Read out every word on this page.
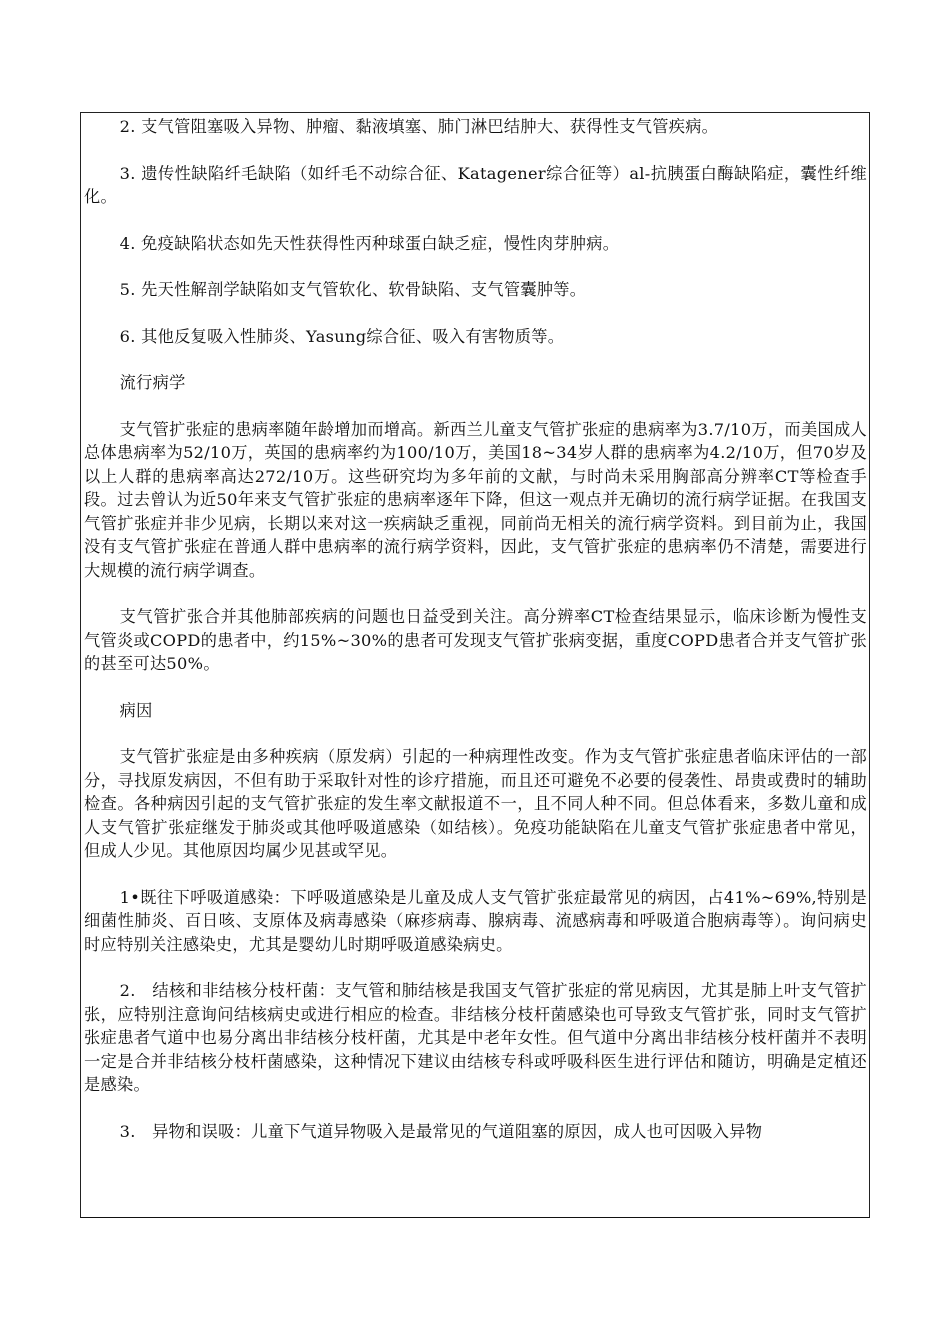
2. 支气管阻塞吸入异物、肿瘤、黏液填塞、肺门淋巴结肿大、获得性支气管疾病。

3. 遗传性缺陷纤毛缺陷（如纤毛不动综合征、Katagener综合征等）al-抗胰蛋白酶缺陷症，囊性纤维化。

4. 免疫缺陷状态如先天性获得性丙种球蛋白缺乏症，慢性肉芽肿病。

5. 先天性解剖学缺陷如支气管软化、软骨缺陷、支气管囊肿等。

6. 其他反复吸入性肺炎、Yasung综合征、吸入有害物质等。

流行病学

支气管扩张症的患病率随年龄增加而增高。新西兰儿童支气管扩张症的患病率为3.7/10万，而美国成人总体患病率为52/10万，英国的患病率约为100/10万，美国18~34岁人群的患病率为4.2/10万，但70岁及以上人群的患病率高达272/10万。这些研究均为多年前的文献，与时尚未采用胸部高分辨率CT等检查手段。过去曾认为近50年来支气管扩张症的患病率逐年下降，但这一观点并无确切的流行病学证据。在我国支气管扩张症并非少见病，长期以来对这一疾病缺乏重视，同前尚无相关的流行病学资料。到目前为止，我国没有支气管扩张症在普通人群中患病率的流行病学资料，因此，支气管扩张症的患病率仍不清楚，需要进行大规模的流行病学调查。

支气管扩张合并其他肺部疾病的问题也日益受到关注。高分辨率CT检查结果显示，临床诊断为慢性支气管炎或COPD的患者中，约15%~30%的患者可发现支气管扩张病变据，重度COPD患者合并支气管扩张的甚至可达50%。

病因

支气管扩张症是由多种疾病（原发病）引起的一种病理性改变。作为支气管扩张症患者临床评估的一部分，寻找原发病因，不但有助于采取针对性的诊疗措施，而且还可避免不必要的侵袭性、昂贵或费时的辅助检查。各种病因引起的支气管扩张症的发生率文献报道不一，且不同人种不同。但总体看来，多数儿童和成人支气管扩张症继发于肺炎或其他呼吸道感染（如结核）。免疫功能缺陷在儿童支气管扩张症患者中常见，但成人少见。其他原因均属少见甚或罕见。

1•既往下呼吸道感染：下呼吸道感染是儿童及成人支气管扩张症最常见的病因，占41%~69%,特别是细菌性肺炎、百日咳、支原体及病毒感染（麻疹病毒、腺病毒、流感病毒和呼吸道合胞病毒等）。询问病史时应特别关注感染史，尤其是婴幼儿时期呼吸道感染病史。

2.　结核和非结核分枝杆菌：支气管和肺结核是我国支气管扩张症的常见病因，尤其是肺上叶支气管扩张，应特别注意询问结核病史或进行相应的检查。非结核分枝杆菌感染也可导致支气管扩张，同时支气管扩张症患者气道中也易分离出非结核分枝杆菌，尤其是中老年女性。但气道中分离出非结核分枝杆菌并不表明一定是合并非结核分枝杆菌感染，这种情况下建议由结核专科或呼吸科医生进行评估和随访，明确是定植还是感染。

3.　异物和误吸：儿童下气道异物吸入是最常见的气道阻塞的原因，成人也可因吸入异物
